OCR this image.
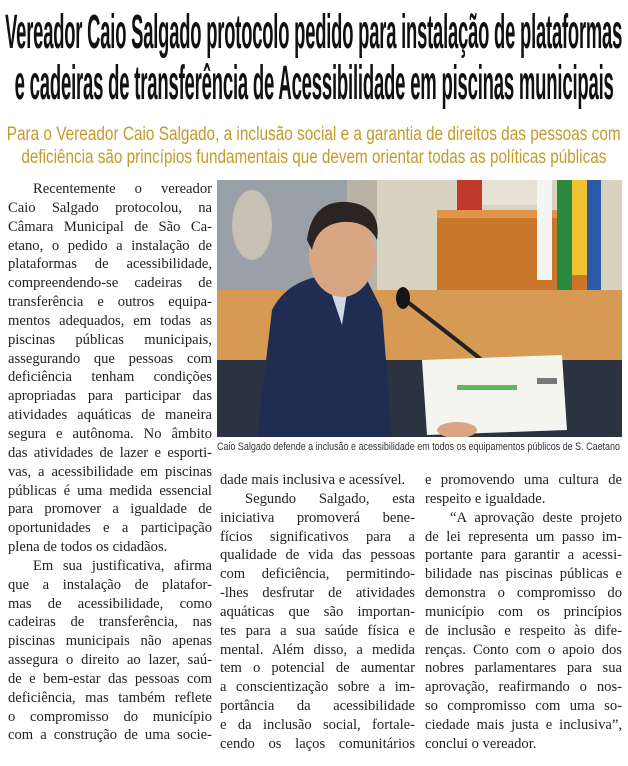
Vereador Caio Salgado protocolo pedido para instalação de plataformas
e cadeiras de transferência de Acessibilidade em piscinas municipais
Para o Vereador Caio Salgado, a inclusão social e a garantia de direitos das pessoas com
deficiência são princípios fundamentais que devem orientar todas as políticas públicas
Recentemente o vereador
Caio Salgado protocolou, na
Câmara Municipal de São Ca-
etano, o pedido a instalação de
plataformas de acessibilidade,
compreendendo-se cadeiras de
transferência e outros equipa-
mentos adequados, em todas as
piscinas públicas municipais,
assegurando que pessoas com
deficiência tenham condições
apropriadas para participar das
atividades aquáticas de maneira
segura e autônoma. No âmbito
das atividades de lazer e esporti-
vas, a acessibilidade em piscinas
públicas é uma medida essencial
para promover a igualdade de
oportunidades e a participação
plena de todos os cidadãos.
Em sua justificativa, afirma
que a instalação de platafor-
mas de acessibilidade, como
cadeiras de transferência, nas
piscinas municipais não apenas
assegura o direito ao lazer, saú-
de e bem-estar das pessoas com
deficiência, mas também reflete
o compromisso do município
com a construção de uma socie-
Caio Salgado defende a inclusão e acessibilidade em todos os equipamentos públicos de S. Caetano
dade mais inclusiva e acessível.
Segundo Salgado, esta
iniciativa promoverá bene-
fícios significativos para a
qualidade de vida das pessoas
com deficiência, permitindo-
-lhes desfrutar de atividades
aquáticas que são importan-
tes para a sua saúde física e
mental. Além disso, a medida
tem o potencial de aumentar
a conscientização sobre a im-
portância da acessibilidade
e da inclusão social, fortale-
cendo os laços comunitários
e promovendo uma cultura de
respeito e igualdade.
“A aprovação deste projeto
de lei representa um passo im-
portante para garantir a acessi-
bilidade nas piscinas públicas e
demonstra o compromisso do
município com os princípios
de inclusão e respeito às dife-
renças. Conto com o apoio dos
nobres parlamentares para sua
aprovação, reafirmando o nos-
so compromisso com uma so-
ciedade mais justa e inclusiva”,
conclui o vereador.
